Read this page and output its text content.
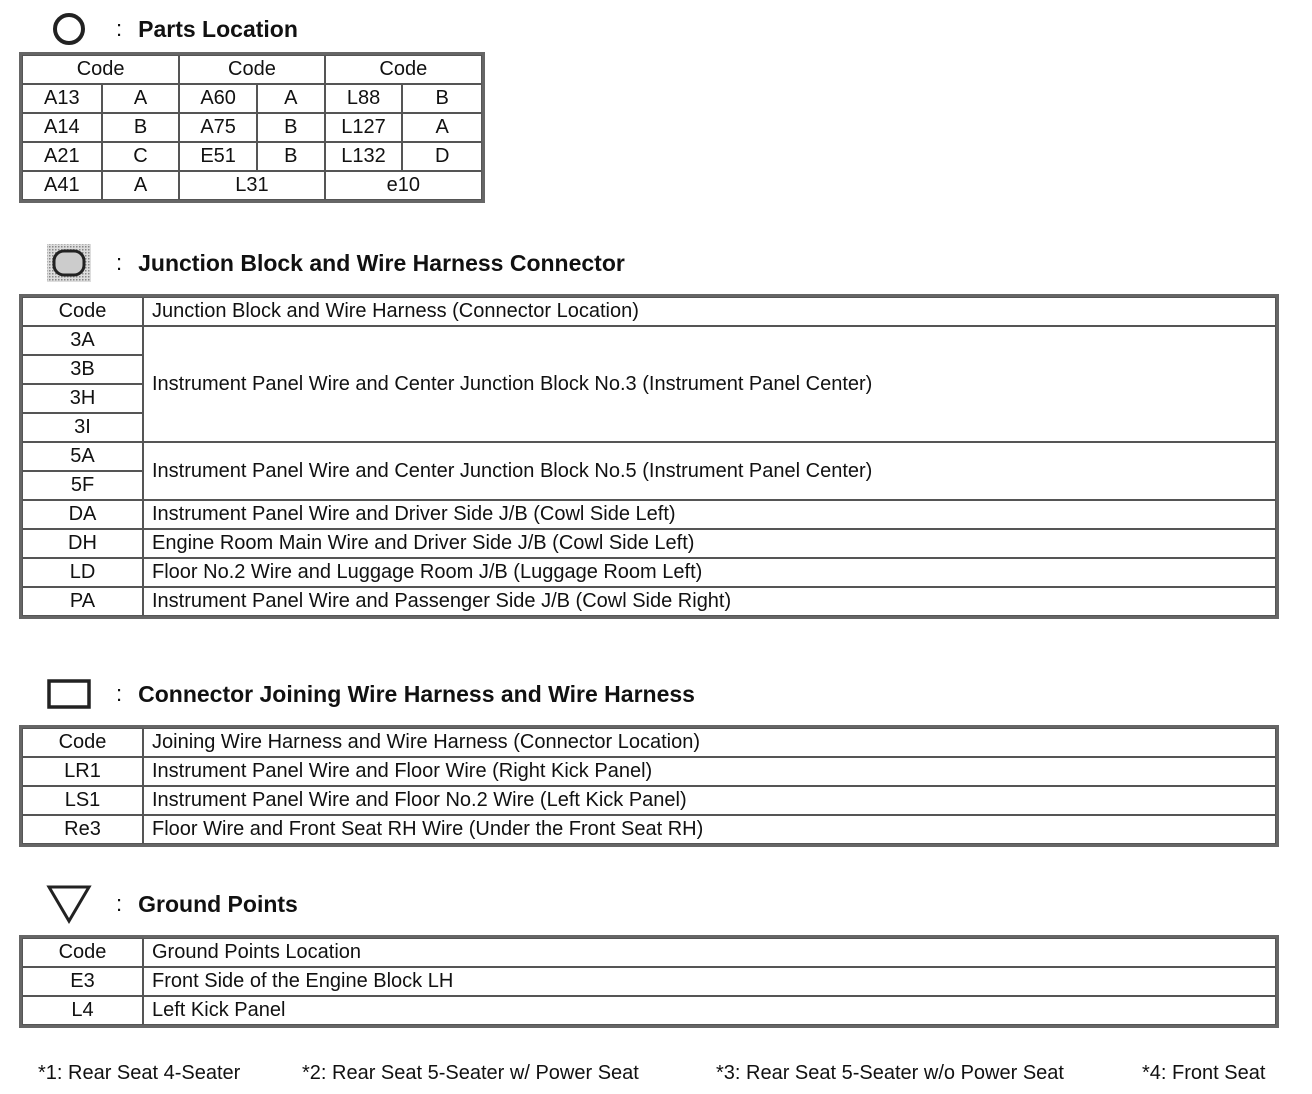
: Parts Location
Code		Code		Code	
A13	A	A60	A	L88	B
A14	B	A75	B	L127	A
A21	C	E51	B	L132	D
A41	A	L31		e10	
: Junction Block and Wire Harness Connector
Code	Junction Block and Wire Harness (Connector Location)
3A	Instrument Panel Wire and Center Junction Block No.3 (Instrument Panel Center)
3B	
3H	
3I	
5A	Instrument Panel Wire and Center Junction Block No.5 (Instrument Panel Center)
5F	
DA	Instrument Panel Wire and Driver Side J/B (Cowl Side Left)
DH	Engine Room Main Wire and Driver Side J/B (Cowl Side Left)
LD	Floor No.2 Wire and Luggage Room J/B (Luggage Room Left)
PA	Instrument Panel Wire and Passenger Side J/B (Cowl Side Right)
: Connector Joining Wire Harness and Wire Harness
Code	Joining Wire Harness and Wire Harness (Connector Location)
LR1	Instrument Panel Wire and Floor Wire (Right Kick Panel)
LS1	Instrument Panel Wire and Floor No.2 Wire (Left Kick Panel)
Re3	Floor Wire and Front Seat RH Wire (Under the Front Seat RH)
: Ground Points
Code	Ground Points Location
E3	Front Side of the Engine Block LH
L4	Left Kick Panel
*1: Rear Seat 4-Seater	*2: Rear Seat 5-Seater w/ Power Seat	*3: Rear Seat 5-Seater w/o Power Seat	*4: Front Seat
